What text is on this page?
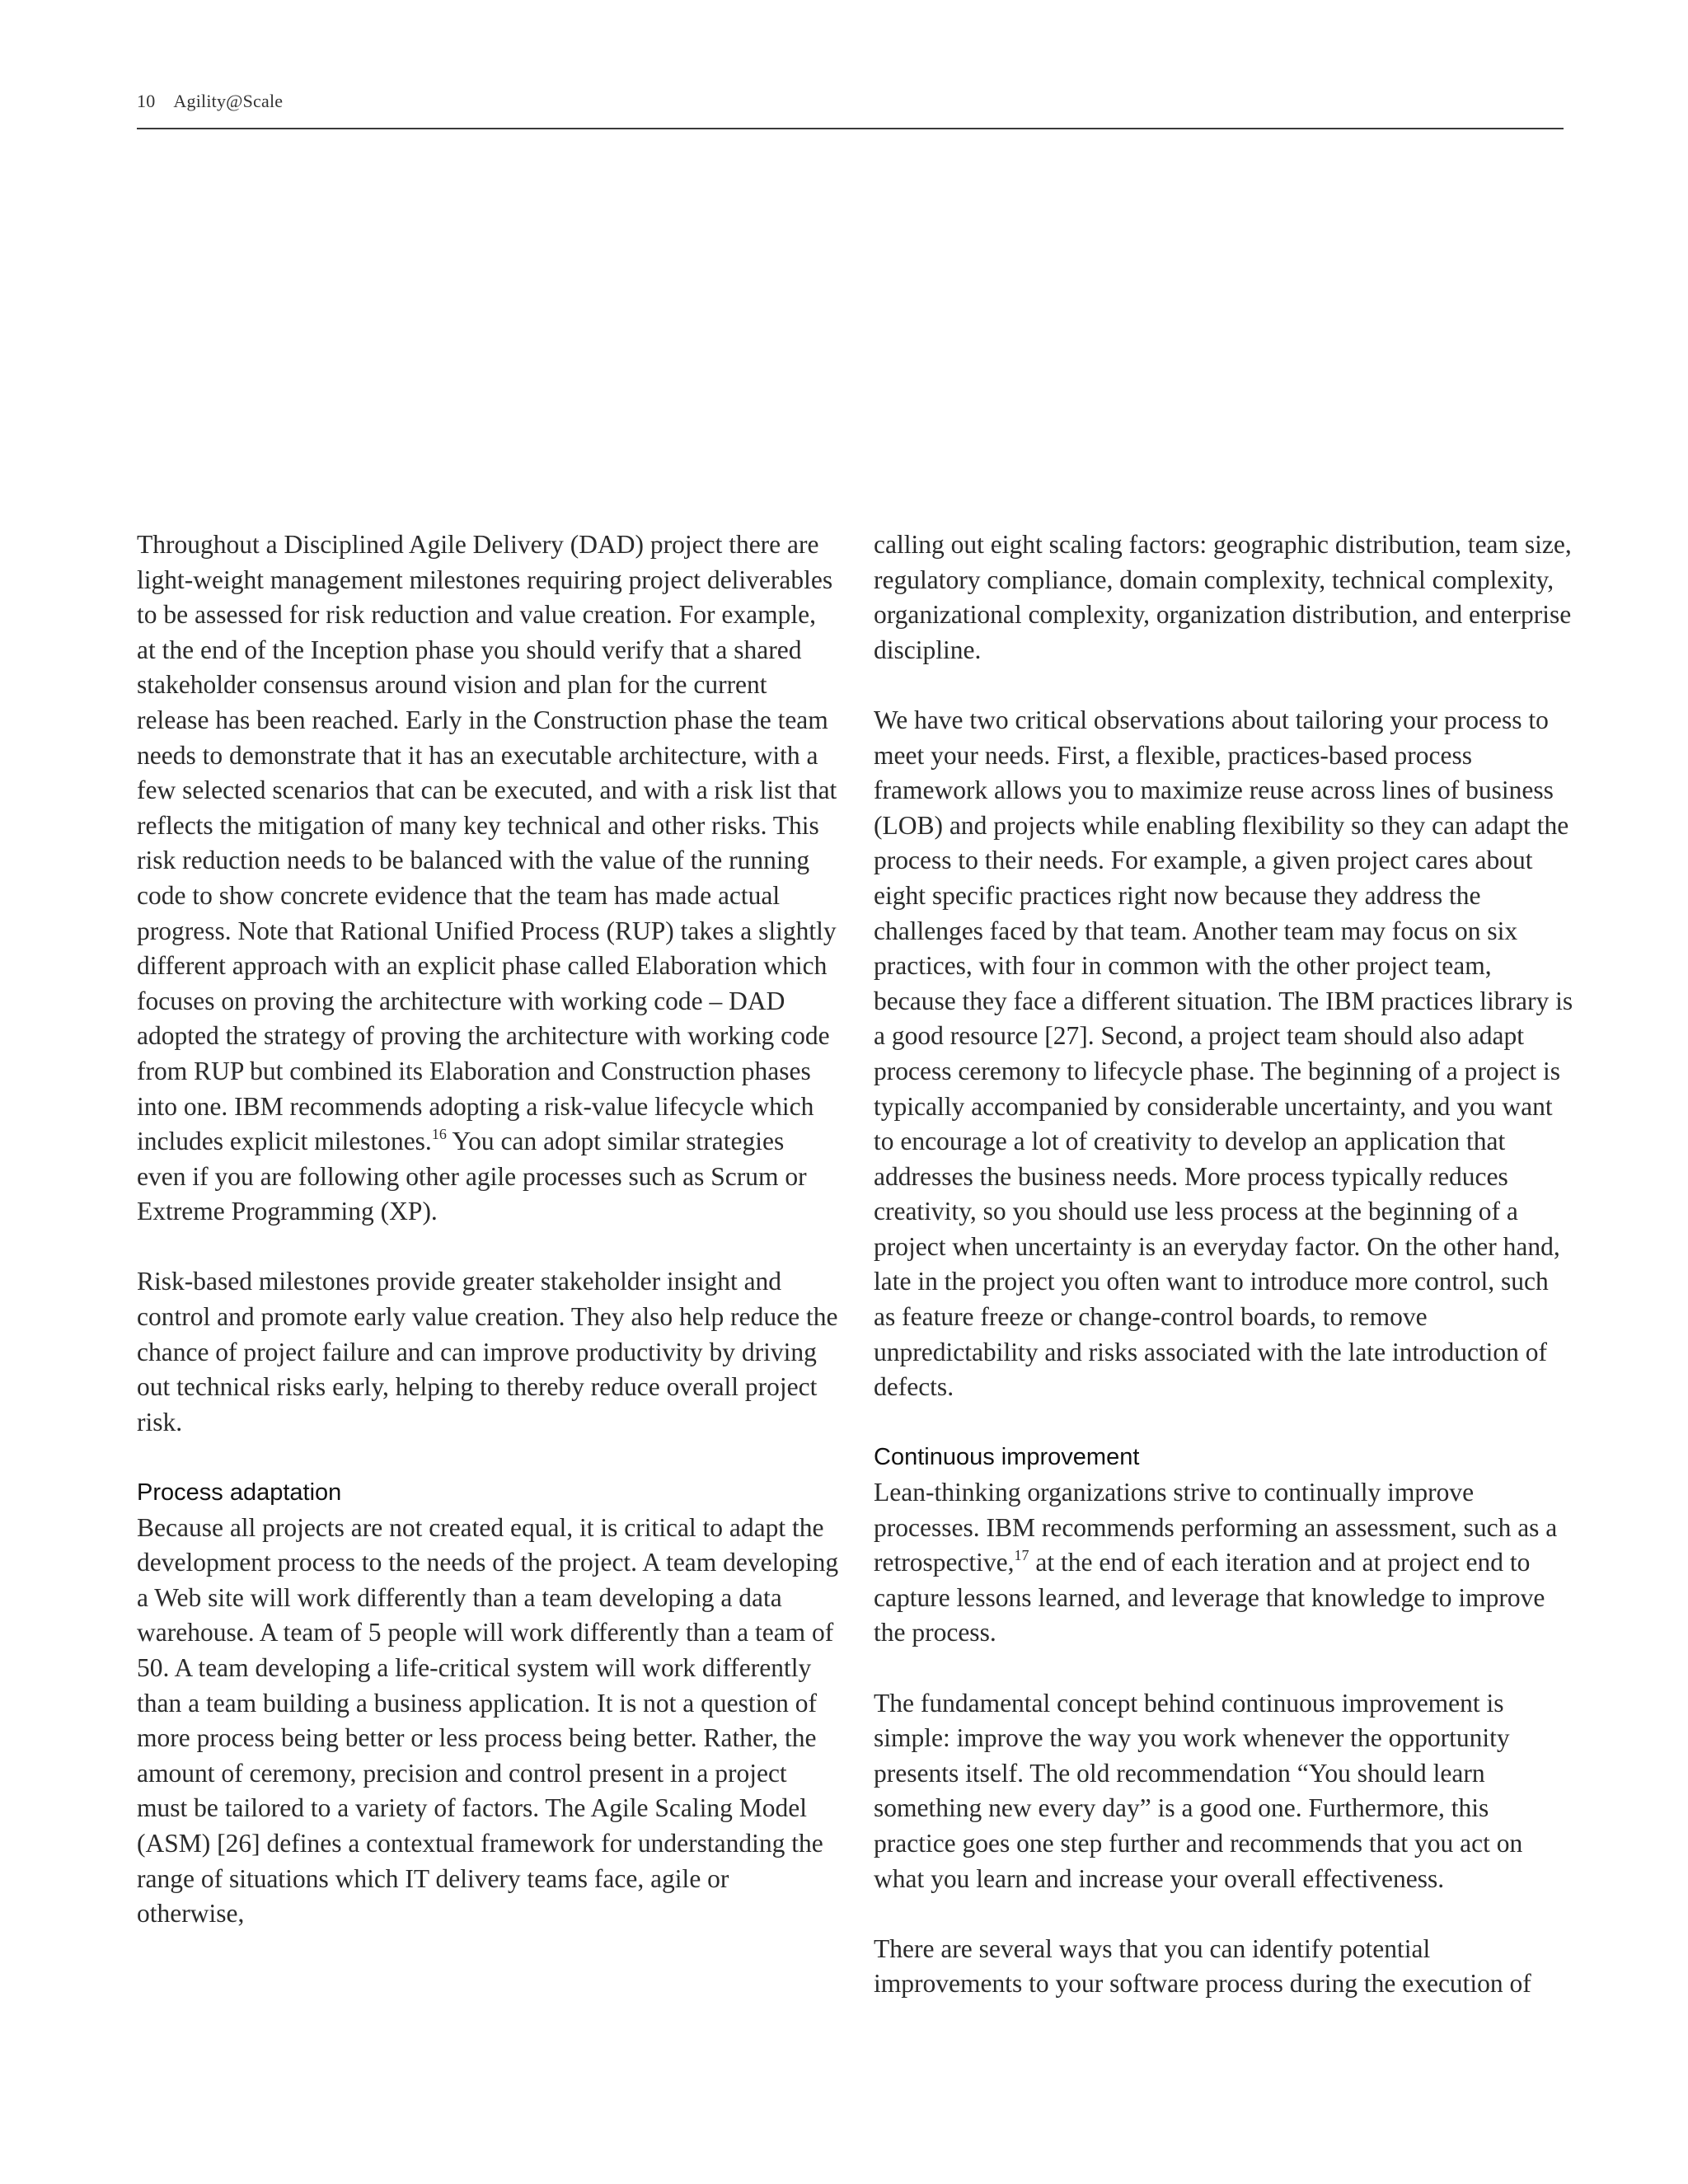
10 Agility@Scale

Throughout a Disciplined Agile Delivery (DAD) project there are light-weight management milestones requiring project deliverables to be assessed for risk reduction and value creation. For example, at the end of the Inception phase you should verify that a shared stakeholder consensus around vision and plan for the current release has been reached. Early in the Construction phase the team needs to demonstrate that it has an executable architecture, with a few selected scenarios that can be executed, and with a risk list that reflects the mitigation of many key technical and other risks. This risk reduction needs to be balanced with the value of the running code to show concrete evidence that the team has made actual progress. Note that Rational Unified Process (RUP) takes a slightly different approach with an explicit phase called Elaboration which focuses on proving the architecture with working code – DAD adopted the strategy of proving the architecture with working code from RUP but combined its Elaboration and Construction phases into one. IBM recommends adopting a risk-value lifecycle which includes explicit milestones.$^{16}$ You can adopt similar strategies even if you are following other agile processes such as Scrum or Extreme Programming (XP).

Risk-based milestones provide greater stakeholder insight and control and promote early value creation. They also help reduce the chance of project failure and can improve productivity by driving out technical risks early, helping to thereby reduce overall project risk.

Process adaptation

Because all projects are not created equal, it is critical to adapt the development process to the needs of the project. A team developing a Web site will work differently than a team developing a data warehouse. A team of 5 people will work differently than a team of 50. A team developing a life-critical system will work differently than a team building a business application. It is not a question of more process being better or less process being better. Rather, the amount of ceremony, precision and control present in a project must be tailored to a variety of factors. The Agile Scaling Model (ASM) [26] defines a contextual framework for understanding the range of situations which IT delivery teams face, agile or otherwise,

calling out eight scaling factors: geographic distribution, team size, regulatory compliance, domain complexity, technical complexity, organizational complexity, organization distribution, and enterprise discipline.

We have two critical observations about tailoring your process to meet your needs. First, a flexible, practices-based process framework allows you to maximize reuse across lines of business (LOB) and projects while enabling flexibility so they can adapt the process to their needs. For example, a given project cares about eight specific practices right now because they address the challenges faced by that team. Another team may focus on six practices, with four in common with the other project team, because they face a different situation. The IBM practices library is a good resource [27]. Second, a project team should also adapt process ceremony to lifecycle phase. The beginning of a project is typically accompanied by considerable uncertainty, and you want to encourage a lot of creativity to develop an application that addresses the business needs. More process typically reduces creativity, so you should use less process at the beginning of a project when uncertainty is an everyday factor. On the other hand, late in the project you often want to introduce more control, such as feature freeze or change-control boards, to remove unpredictability and risks associated with the late introduction of defects.

Continuous improvement

Lean-thinking organizations strive to continually improve processes. IBM recommends performing an assessment, such as a retrospective,$^{17}$ at the end of each iteration and at project end to capture lessons learned, and leverage that knowledge to improve the process.

The fundamental concept behind continuous improvement is simple: improve the way you work whenever the opportunity presents itself. The old recommendation “You should learn something new every day” is a good one. Furthermore, this practice goes one step further and recommends that you act on what you learn and increase your overall effectiveness.

There are several ways that you can identify potential improvements to your software process during the execution of
